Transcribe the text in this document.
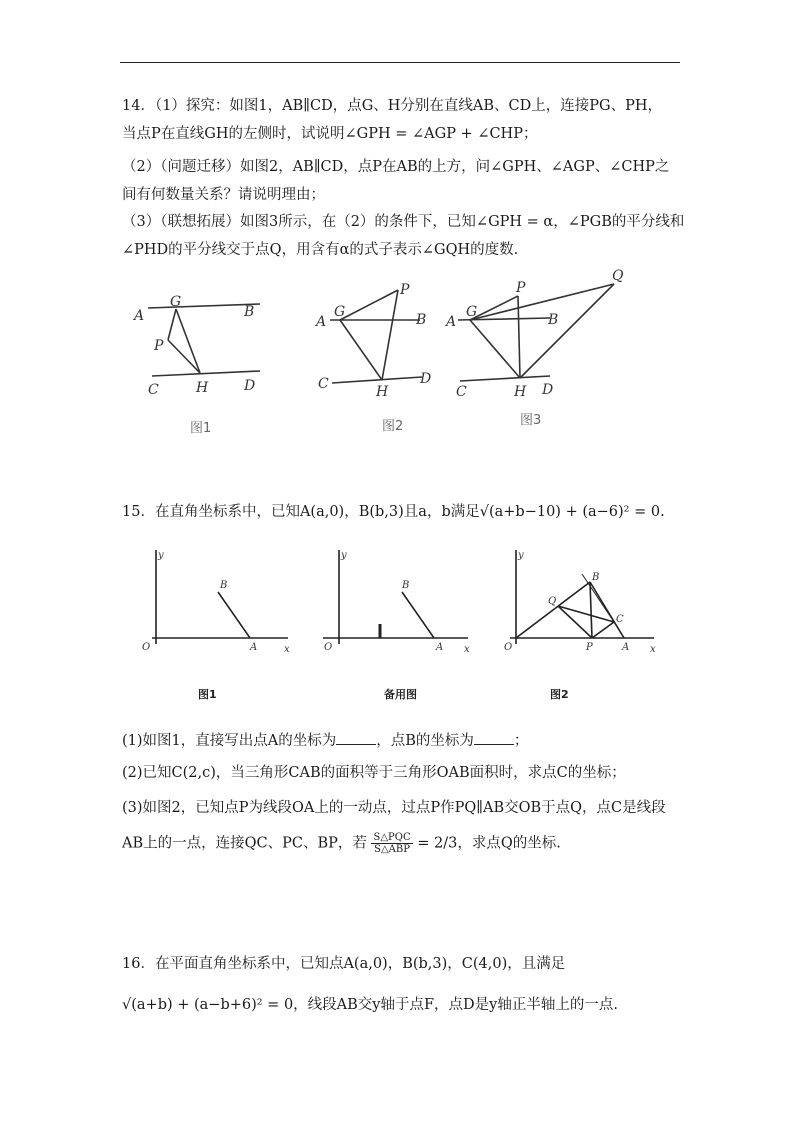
14．（1）探究：如图1，AB∥CD，点G、H分别在直线AB、CD上，连接PG、PH，
当点P在直线GH的左侧时，试说明∠GPH = ∠AGP + ∠CHP；
（2）（问题迁移）如图2，AB∥CD，点P在AB的上方，问∠GPH、∠AGP、∠CHP之
间有何数量关系？请说明理由；
（3）（联想拓展）如图3所示，在（2）的条件下，已知∠GPH = α，∠PGB的平分线和
∠PHD的平分线交于点Q，用含有α的式子表示∠GQH的度数.
A	B
G
P
C	H	D
图1
A	B
G
P
C	H
D
图2
A	B
G
P
Q
C	H D
图3
15．在直角坐标系中，已知A(a,0)，B(b,3)且a，b满足√(a+b−10) + (a−6)² = 0.
O
y
x
B
A
图1
O
y
x
B
A
备用图
O
y
x
B
Q
C
P	A
图2
(1)如图1，直接写出点A的坐标为	，点B的坐标为	；
(2)已知C(2,c)，当三角形CAB的面积等于三角形OAB面积时，求点C的坐标；
(3)如图2，已知点P为线段OA上的一动点，过点P作PQ∥AB交OB于点Q，点C是线段
AB上的一点，连接QC、PC、BP，若 $\frac{\text{S△PQC}}{\text{S△ABP}} = 2/3$，求点Q的坐标.
16．在平面直角坐标系中，已知点A(a,0)，B(b,3)，C(4,0)，且满足
√(a+b) + (a−b+6)² = 0，线段AB交y轴于点F，点D是y轴正半轴上的一点.
